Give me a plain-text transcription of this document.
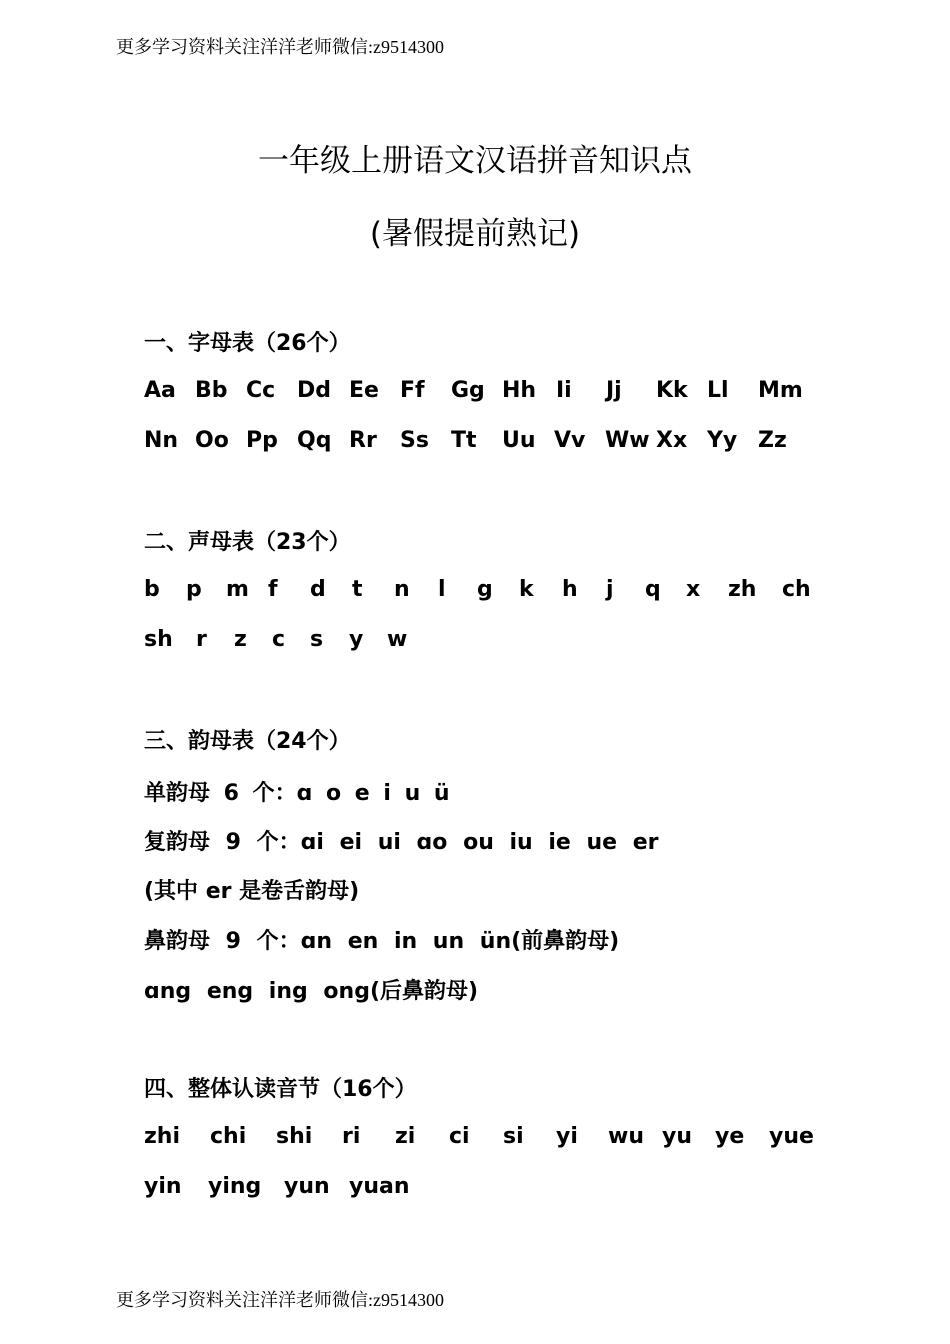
更多学习资料关注洋洋老师微信:z9514300
一年级上册语文汉语拼音知识点
(暑假提前熟记)
一、字母表（26个）
Aa Bb Cc Dd Ee Ff Gg Hh Ii Jj Kk Ll Mm
Nn Oo Pp Qq Rr Ss Tt Uu Vv Ww Xx Yy Zz
二、声母表（23个）
b p m f d t n l g k h j q x zh ch
sh r z c s y w
三、韵母表（24个）
单韵母 6 个：ɑ o e i u ü
复韵母 9 个：ɑi ei ui ɑo ou iu ie ue er
(其中 er 是卷舌韵母)
鼻韵母 9 个：ɑn en in un ün(前鼻韵母)
ɑng eng ing ong(后鼻韵母)
四、整体认读音节（16个）
zhi chi shi ri zi ci si yi wu yu ye yue
yin ying yun yuan
更多学习资料关注洋洋老师微信:z9514300
